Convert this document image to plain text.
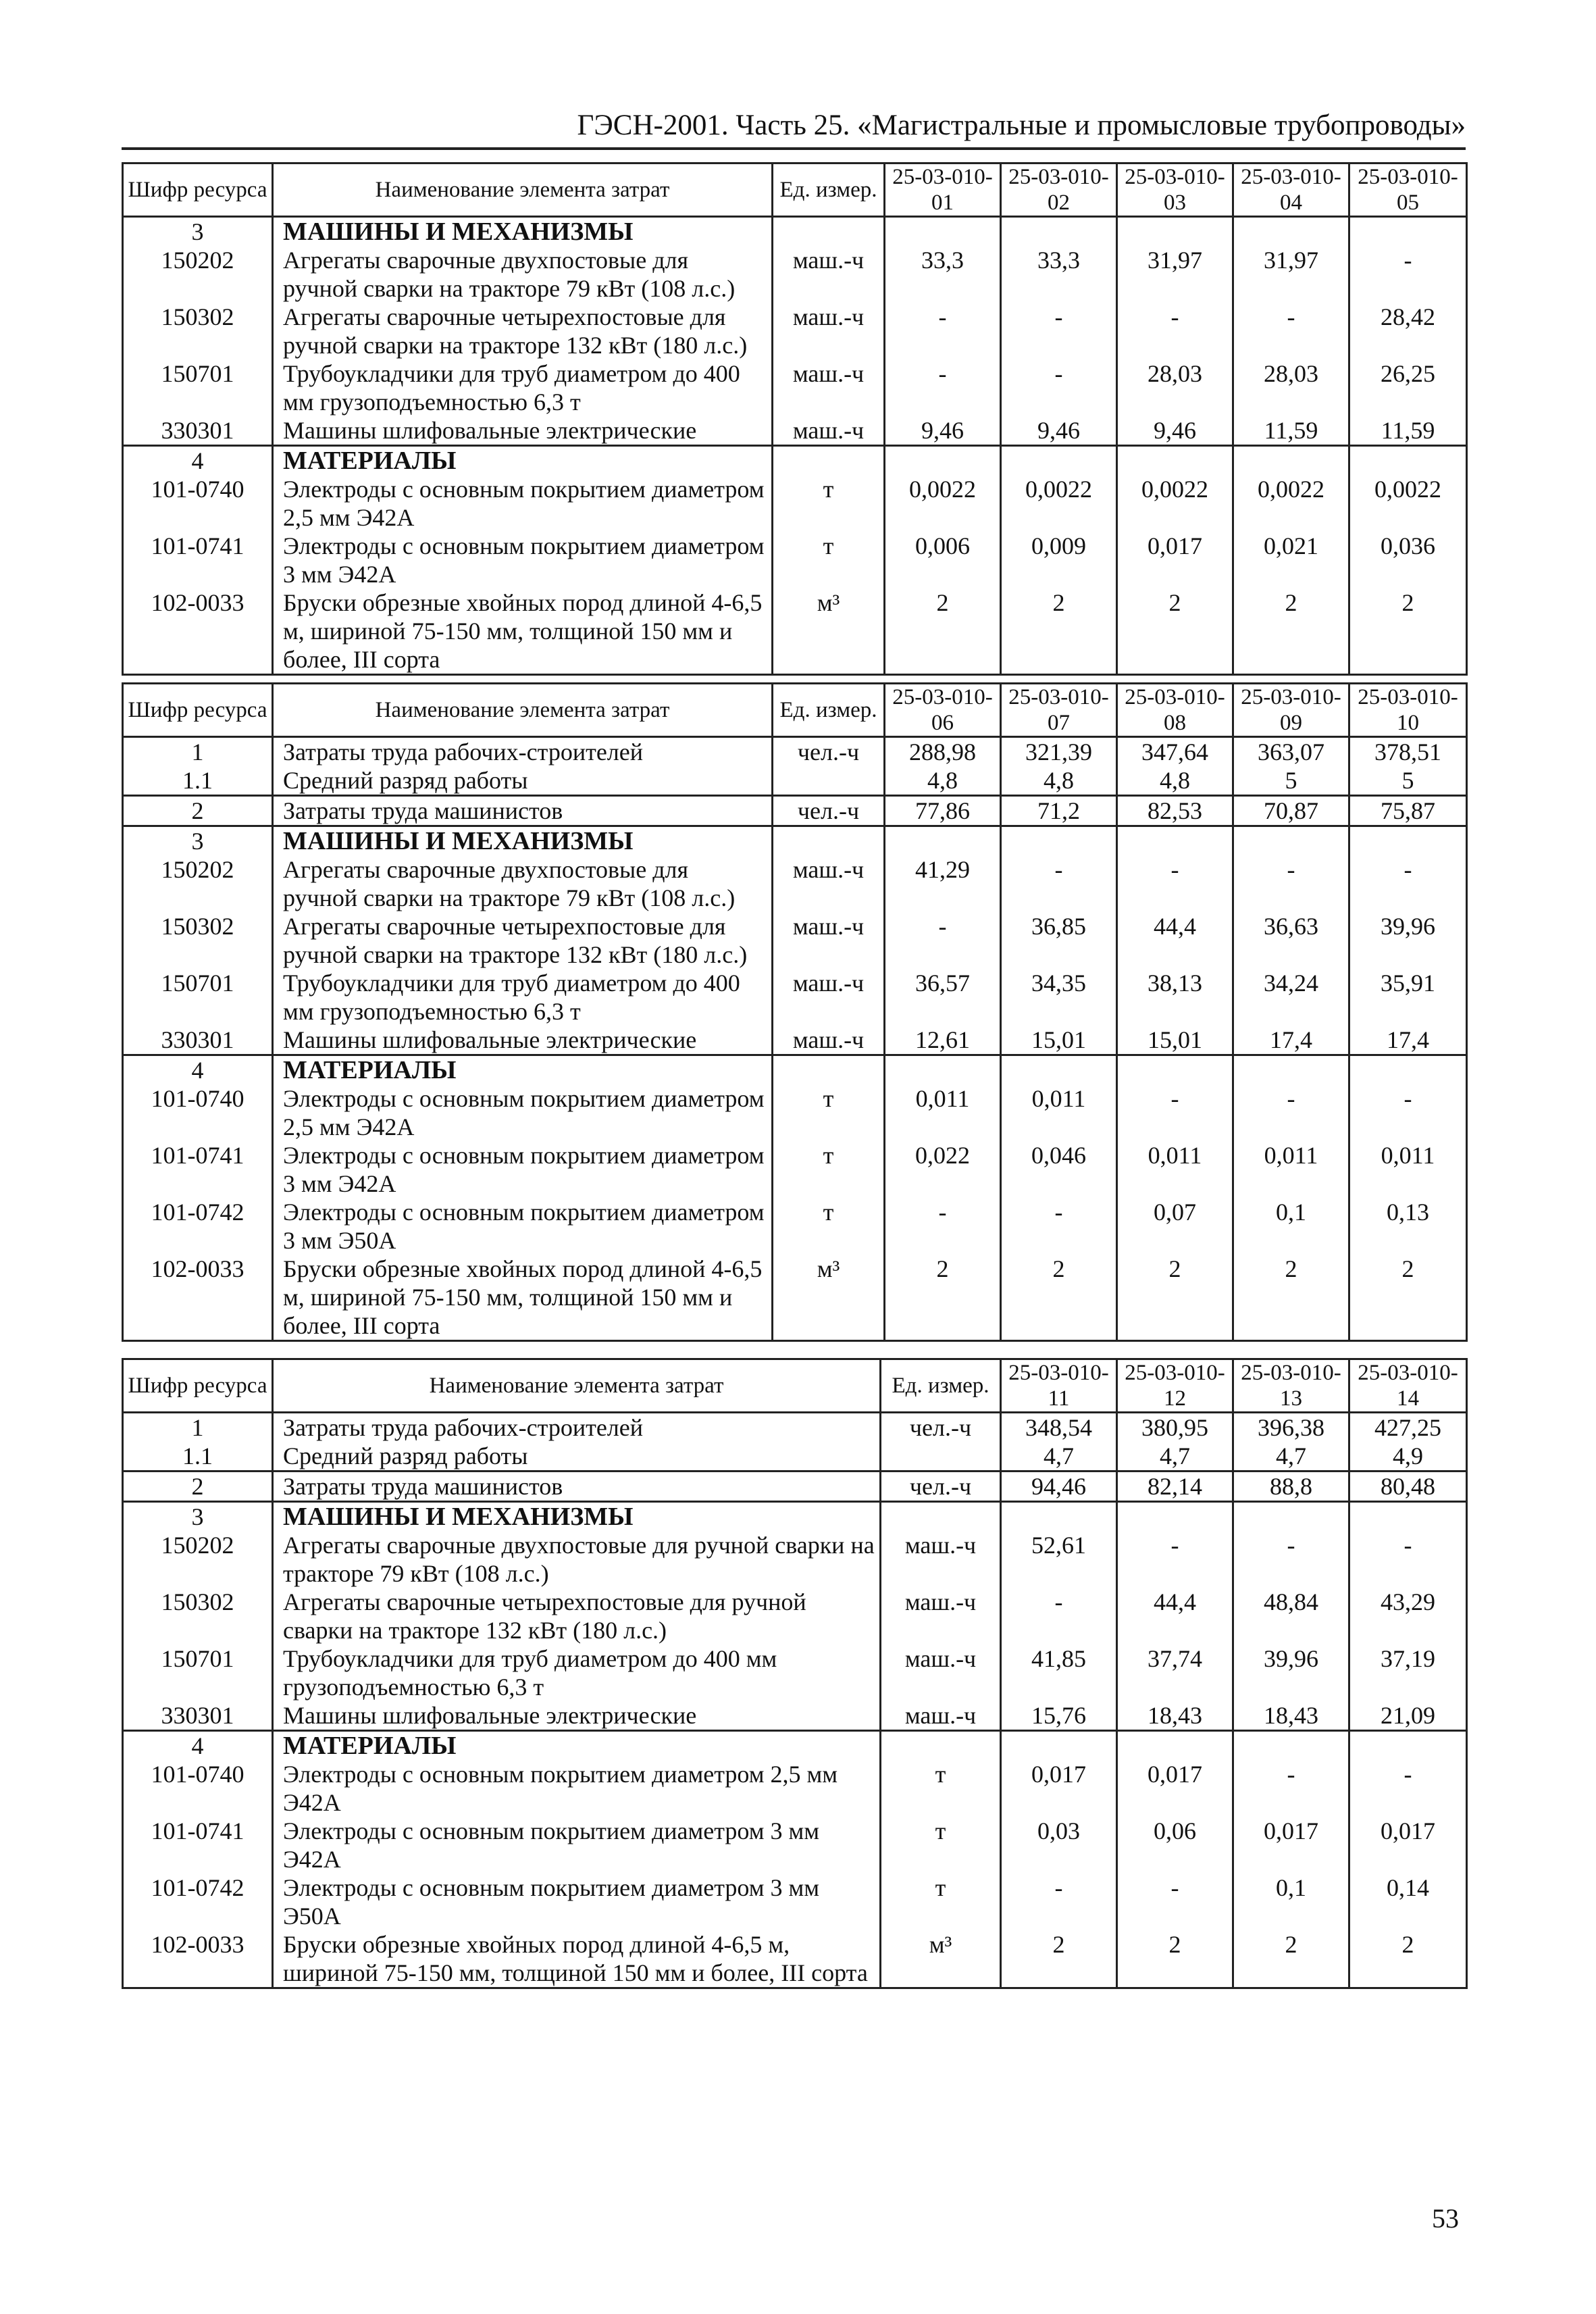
ГЭСН-2001. Часть 25. «Магистральные и промысловые трубопроводы»
Шифр ресурса	Наименование элемента затрат	Ед. измер.	25-03-010-01	25-03-010-02	25-03-010-03	25-03-010-04	25-03-010-05
3	МАШИНЫ И МЕХАНИЗМЫ						
150202	Агрегаты сварочные двухпостовые для ручной сварки на тракторе 79 кВт (108 л.с.)	маш.-ч	33,3	33,3	31,97	31,97	-
150302	Агрегаты сварочные четырехпостовые для ручной сварки на тракторе 132 кВт (180 л.с.)	маш.-ч	-	-	-	-	28,42
150701	Трубоукладчики для труб диаметром до 400 мм грузоподъемностью 6,3 т	маш.-ч	-	-	28,03	28,03	26,25
330301	Машины шлифовальные электрические	маш.-ч	9,46	9,46	9,46	11,59	11,59
4	МАТЕРИАЛЫ						
101-0740	Электроды с основным покрытием диаметром 2,5 мм Э42А	т	0,0022	0,0022	0,0022	0,0022	0,0022
101-0741	Электроды с основным покрытием диаметром 3 мм Э42А	т	0,006	0,009	0,017	0,021	0,036
102-0033	Бруски обрезные хвойных пород длиной 4-6,5 м, шириной 75-150 мм, толщиной 150 мм и более, III сорта	м³	2	2	2	2	2
Шифр ресурса	Наименование элемента затрат	Ед. измер.	25-03-010-06	25-03-010-07	25-03-010-08	25-03-010-09	25-03-010-10
1	Затраты труда рабочих-строителей	чел.-ч	288,98	321,39	347,64	363,07	378,51
1.1	Средний разряд работы		4,8	4,8	4,8	5	5
2	Затраты труда машинистов	чел.-ч	77,86	71,2	82,53	70,87	75,87
3	МАШИНЫ И МЕХАНИЗМЫ						
150202	Агрегаты сварочные двухпостовые для ручной сварки на тракторе 79 кВт (108 л.с.)	маш.-ч	41,29	-	-	-	-
150302	Агрегаты сварочные четырехпостовые для ручной сварки на тракторе 132 кВт (180 л.с.)	маш.-ч	-	36,85	44,4	36,63	39,96
150701	Трубоукладчики для труб диаметром до 400 мм грузоподъемностью 6,3 т	маш.-ч	36,57	34,35	38,13	34,24	35,91
330301	Машины шлифовальные электрические	маш.-ч	12,61	15,01	15,01	17,4	17,4
4	МАТЕРИАЛЫ						
101-0740	Электроды с основным покрытием диаметром 2,5 мм Э42А	т	0,011	0,011	-	-	-
101-0741	Электроды с основным покрытием диаметром 3 мм Э42А	т	0,022	0,046	0,011	0,011	0,011
101-0742	Электроды с основным покрытием диаметром 3 мм Э50А	т	-	-	0,07	0,1	0,13
102-0033	Бруски обрезные хвойных пород длиной 4-6,5 м, шириной 75-150 мм, толщиной 150 мм и более, III сорта	м³	2	2	2	2	2
Шифр ресурса	Наименование элемента затрат	Ед. измер.	25-03-010-11	25-03-010-12	25-03-010-13	25-03-010-14
1	Затраты труда рабочих-строителей	чел.-ч	348,54	380,95	396,38	427,25
1.1	Средний разряд работы		4,7	4,7	4,7	4,9
2	Затраты труда машинистов	чел.-ч	94,46	82,14	88,8	80,48
3	МАШИНЫ И МЕХАНИЗМЫ					
150202	Агрегаты сварочные двухпостовые для ручной сварки на тракторе 79 кВт (108 л.с.)	маш.-ч	52,61	-	-	-
150302	Агрегаты сварочные четырехпостовые для ручной сварки на тракторе 132 кВт (180 л.с.)	маш.-ч	-	44,4	48,84	43,29
150701	Трубоукладчики для труб диаметром до 400 мм грузоподъемностью 6,3 т	маш.-ч	41,85	37,74	39,96	37,19
330301	Машины шлифовальные электрические	маш.-ч	15,76	18,43	18,43	21,09
4	МАТЕРИАЛЫ					
101-0740	Электроды с основным покрытием диаметром 2,5 мм Э42А	т	0,017	0,017	-	-
101-0741	Электроды с основным покрытием диаметром 3 мм Э42А	т	0,03	0,06	0,017	0,017
101-0742	Электроды с основным покрытием диаметром 3 мм Э50А	т	-	-	0,1	0,14
102-0033	Бруски обрезные хвойных пород длиной 4-6,5 м, шириной 75-150 мм, толщиной 150 мм и более, III сорта	м³	2	2	2	2
53
